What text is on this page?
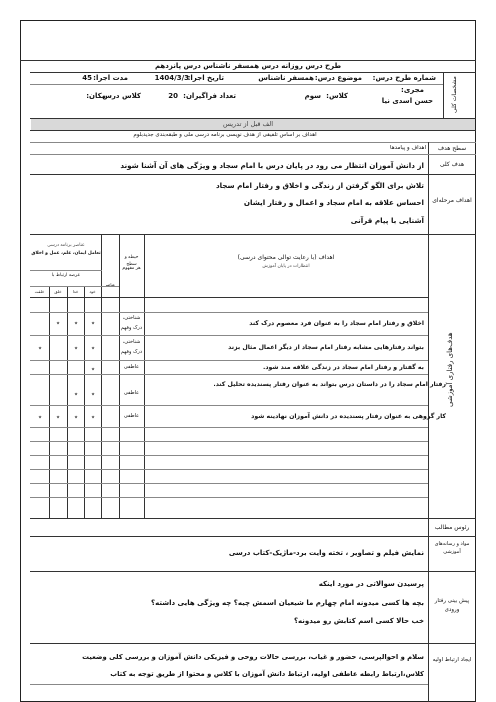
طرح درس روزانه درس همسفر ناشناس درس پانزدهم
مشخصات کلی
شماره طرح درس:
موضوع درس:
همسفر ناشناس
تاریخ اجرا:
1404/3/3
مدت اجرا:
45
مجری:
حسن اسدی نیا
کلاس:
سوم
تعداد فراگیران:
20
مکان:
کلاس درس
الف قبل از تدریس
اهداف بر اساس تلفیقی از هدف نویسی برنامه درسی ملی و طبقه‌بندی جدیدبلوم
سطح هدف
اهداف و پیامدها
هدف کلی
از دانش آموزان انتظار می رود در پایان درس با امام سجاد و ویژگی های آن آشنا شوند
اهداف مرحله‌ای
تلاش برای الگو گرفتن از زندگی و اخلاق و رفتار امام سجاد
احساس علاقه به امام سجاد و اعمال و رفتار ایشان
آشنایی با پیام قرآنی
هدف‌های رفتاری آموزشی
اهداف (با رعایت توالی محتوای درسی)
انتظارات در پایان آموزش
حیطه و سطح
هر مفهوم
عناصر برنامه درسی
تعامل ایمان، علم، عمل و اخلاق
عرصه ارتباط با
عناصر
خود
خدا
خلق
خلقت
اخلاق و رفتار امام سجاد را به عنوان فرد معصوم درک کند
شناختی، درک وفهم
٭
٭
٭
بتواند رفتارهایی مشابه رفتار امام سجاد از دیگر اعمال مثال بزند
شناختی، درک وفهم
٭
٭
٭
به گفتار و رفتار امام سجاد در زندگی علاقه مند شود.
عاطفی
٭
رفتار امام سجاد را در داستان درس بتواند به عنوان رفتار پسندیده تحلیل کند.
عاطفی
٭
٭
کار گروهی به عنوان رفتار پسندیده در دانش آموزان نهادینه شود
عاطفی
٭
٭
٭
٭
رئوس مطالب
مواد و رسانه‌های آموزشی
نمایش فیلم و تصاویر ، تخته وایت برد-ماژیک-کتاب درسی
پیش بینی رفتار ورودی
پرسیدن سوالاتی در مورد اینکه
بچه ها کسی میدونه امام چهارم ما شیعیان اسمش چیه؟ چه ویژگی هایی داشته؟
خب حالا کسی اسم کتابش رو میدونه؟
ایجاد ارتباط اولیه
سلام و احوالپرسی، حضور و غیاب، بررسی حالات روحی و فیزیکی دانش آموزان و بررسی کلی وضعیت
کلاس،ارتباط رابطه عاطفی اولیه، ارتباط دانش آموزان با کلاس و محتوا از طریق توجه به کتاب
